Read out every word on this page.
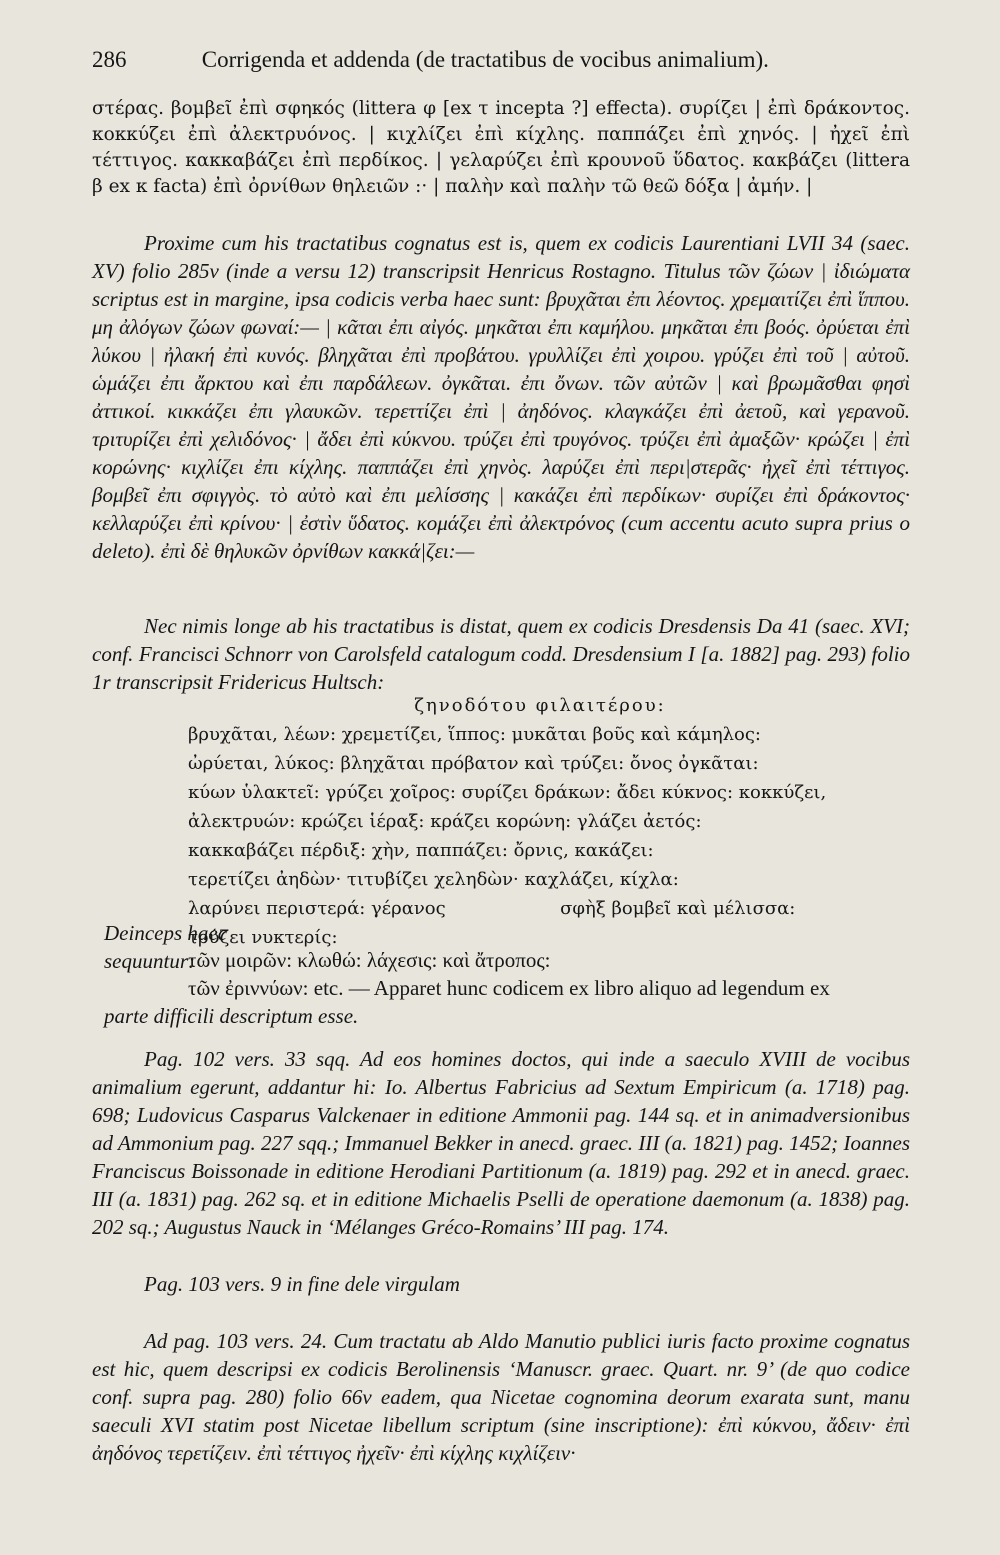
286	Corrigenda et addenda (de tractatibus de vocibus animalium).
στέρας. βομβεῖ ἐπὶ σφηκός (littera φ [ex τ incepta ?] effecta). συρίζει | ἐπὶ δράκοντος. κοκκύζει ἐπὶ ἀλεκτρυόνος. | κιχλίζει ἐπὶ κίχλης. παππάζει ἐπὶ χηνός. | ἠχεῖ ἐπὶ τέττιγος. κακκαβάζει ἐπὶ περδίκος. | γελαρύζει ἐπὶ κρουνοῦ ὕδατος. κακβάζει (littera β ex κ facta) ἐπὶ ὀρνίθων θηλειῶν :· | παλὴν καὶ παλὴν τῶ θεῶ δόξα | ἀμήν. |
Proxime cum his tractatibus cognatus est is, quem ex codicis Laurentiani LVII 34 (saec. XV) folio 285v (inde a versu 12) transcripsit Henricus Rostagno. Titulus τῶν ζώων | ἰδιώματα scriptus est in margine, ipsa codicis verba haec sunt: βρυχᾶται ἐπι λέοντος. χρεμαιτίζει ἐπὶ ἵππου. μη ἀλόγων ζώων φωναί:— | κᾶται ἐπι αἰγός. μηκᾶται ἐπι καμήλου. μηκᾶται ἐπι βοός. ὀρύεται ἐπὶ λύκου | ἠλακή ἐπὶ κυνός. βληχᾶται ἐπὶ προβάτου. γρυλλίζει ἐπὶ χοιρου. γρύζει ἐπὶ τοῦ | αὐτοῦ. ὡμάζει ἐπι ἄρκτου καὶ ἐπι παρδάλεων. ὀγκᾶται. ἐπι ὄνων. τῶν αὐτῶν | καὶ βρωμᾶσθαι φησὶ ἀττικοί. κικκάζει ἐπι γλαυκῶν. τερεττίζει ἐπὶ | ἀηδόνος. κλαγκάζει ἐπὶ ἀετοῦ, καὶ γερανοῦ. τριτυρίζει ἐπὶ χελιδόνος· | ἄδει ἐπὶ κύκνου. τρύζει ἐπὶ τρυγόνος. τρύζει ἐπὶ ἀμαξῶν· κρώζει | ἐπὶ κορώνης· κιχλίζει ἐπι κίχλης. παππάζει ἐπὶ χηνὸς. λαρύζει ἐπὶ περι|στερᾶς· ἠχεῖ ἐπὶ τέττιγος. βομβεῖ ἐπι σφιγγὸς. τὸ αὐτὸ καὶ ἐπι μελίσσης | κακάζει ἐπὶ περδίκων· συρίζει ἐπὶ δράκοντος· κελλαρύζει ἐπὶ κρίνου· | ἐστὶν ὕδατος. κομάζει ἐπὶ ἀλεκτρόνος (cum accentu acuto supra prius o deleto). ἐπὶ δὲ θηλυκῶν ὀρνίθων κακκά|ζει:—
Nec nimis longe ab his tractatibus is distat, quem ex codicis Dresdensis Da 41 (saec. XVI; conf. Francisci Schnorr von Carolsfeld catalogum codd. Dresdensium I [a. 1882] pag. 293) folio 1r transcripsit Fridericus Hultsch:
ζηνοδότου φιλαιτέρου:
βρυχᾶται, λέων: χρεμετίζει, ἵππος: μυκᾶται βοῦς καὶ κάμηλος:
ὠρύεται, λύκος: βληχᾶται πρόβατον καὶ τρύζει: ὄνος ὀγκᾶται:
κύων ὑλακτεῖ: γρύζει χοῖρος: συρίζει δράκων: ἄδει κύκνος: κοκκύζει,
ἀλεκτρυών: κρώζει ἱέραξ: κράζει κορώνη: γλάζει ἀετός:
κακκαβάζει πέρδιξ: χὴν, παππάζει: ὄρνις, κακάζει:
τερετίζει ἀηδὼν· τιτυβίζει χεληδὼν· καχλάζει, κίχλα:
λαρύνει περιστερά: γέρανος                    σφὴξ βομβεῖ καὶ μέλισσα:
τρύζει νυκτερίς:
Deinceps haec sequuntur:
τῶν μοιρῶν: κλωθώ: λάχεσις: καὶ ἄτροπος:
τῶν ἐριννύων: etc. — Apparet hunc codicem ex libro aliquo ad legendum ex
parte difficili descriptum esse.
Pag. 102 vers. 33 sqq. Ad eos homines doctos, qui inde a saeculo XVIII de vocibus animalium egerunt, addantur hi: Io. Albertus Fabricius ad Sextum Empiricum (a. 1718) pag. 698; Ludovicus Casparus Valckenaer in editione Ammonii pag. 144 sq. et in animadversionibus ad Ammonium pag. 227 sqq.; Immanuel Bekker in anecd. graec. III (a. 1821) pag. 1452; Ioannes Franciscus Boissonade in editione Herodiani Partitionum (a. 1819) pag. 292 et in anecd. graec. III (a. 1831) pag. 262 sq. et in editione Michaelis Pselli de operatione daemonum (a. 1838) pag. 202 sq.; Augustus Nauck in ‘Mélanges Gréco-Romains’ III pag. 174.
Pag. 103 vers. 9 in fine dele virgulam
Ad pag. 103 vers. 24. Cum tractatu ab Aldo Manutio publici iuris facto proxime cognatus est hic, quem descripsi ex codicis Berolinensis ‘Manuscr. graec. Quart. nr. 9’ (de quo codice conf. supra pag. 280) folio 66v eadem, qua Nicetae cognomina deorum exarata sunt, manu saeculi XVI statim post Nicetae libellum scriptum (sine inscriptione): ἐπὶ κύκνου, ἄδειν· ἐπὶ ἀηδόνος τερετίζειν. ἐπὶ τέττιγος ἠχεῖν· ἐπὶ κίχλης κιχλίζειν·
